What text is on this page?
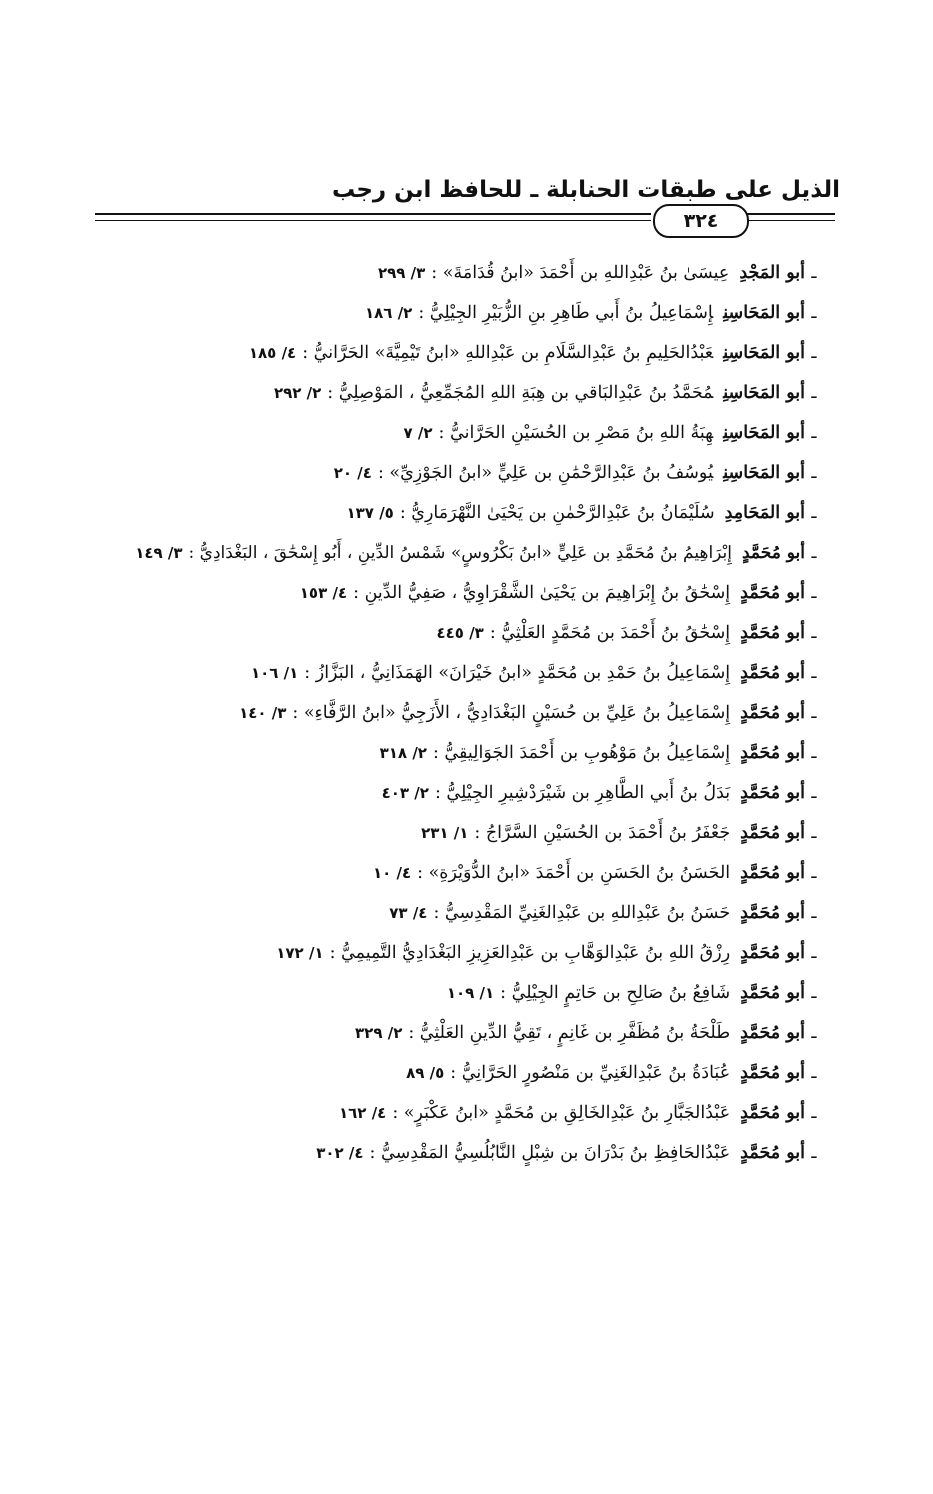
الذيل على طبقات الحنابلة ـ للحافظ ابن رجب
٣٢٤
ـأبو المَجْدِعِيسَىٰ بنُ عَبْدِاللهِ بن أَحْمَدَ «ابنُ قُدَامَةَ» :٣/ ٢٩٩
ـأبو المَحَاسِنِإِسْمَاعِيلُ بنُ أَبي طَاهِرِ بنِ الزُّبَيْرِ الجِيْلِيُّ :٢/ ١٨٦
ـأبو المَحَاسِنِعَبْدُالحَلِيمِ بنُ عَبْدِالسَّلَامِ بن عَبْدِاللهِ «ابنُ تَيْمِيَّةَ» الحَرَّانيُّ :٤/ ١٨٥
ـأبو المَحَاسِنِمُحَمَّدُ بنُ عَبْدِالبَاقي بن هِبَةِ اللهِ المُجَمِّعِيُّ ، المَوْصِلِيُّ :٢/ ٢٩٢
ـأبو المَحَاسِنِهِبَةُ اللهِ بنُ مَصْرِ بن الحُسَيْنِ الحَرَّانيُّ :٢/ ٧
ـأبو المَحَاسِنِيُوسُفُ بنُ عَبْدِالرَّحْمَٰنِ بن عَلِيٍّ «ابنُ الجَوْزِيِّ» :٤/ ٢٠
ـأبو المَحَامِدِسُلَيْمَانُ بنُ عَبْدِالرَّحْمٰنِ بن يَحْيَىٰ النَّهْرَمَارِيُّ :٥/ ١٣٧
ـأبو مُحَمَّدٍإِبْرَاهِيمُ بنُ مُحَمَّدِ بن عَلِيٍّ «ابنُ بَكْرُوسٍ» شَمْسُ الدِّينِ ، أَبُو إِسْحَٰقَ ، البَغْدَادِيُّ :٣/ ١٤٩
ـأبو مُحَمَّدٍإِسْحَٰقُ بنُ إِبْرَاهِيمَ بن يَحْيَىٰ الشَّقْرَاوِيُّ ، صَفِيُّ الدِّينِ :٤/ ١٥٣
ـأبو مُحَمَّدٍإِسْحَٰقُ بنُ أَحْمَدَ بن مُحَمَّدٍ العَلْثِيُّ :٣/ ٤٤٥
ـأبو مُحَمَّدٍإِسْمَاعِيلُ بنُ حَمْدِ بن مُحَمَّدٍ «ابنُ خَيْرَانَ» الهَمَذَانِيُّ ، البَزَّازُ :١/ ١٠٦
ـأبو مُحَمَّدٍإِسْمَاعِيلُ بنُ عَلِيِّ بن حُسَيْنٍ البَغْدَادِيُّ ، الأَزَجِيُّ «ابنُ الرَّفَّاءِ» :٣/ ١٤٠
ـأبو مُحَمَّدٍإِسْمَاعِيلُ بنُ مَوْهُوبِ بن أَحْمَدَ الجَوَالِيقِيُّ :٢/ ٣١٨
ـأبو مُحَمَّدٍبَدَلُ بنُ أَبي الطَّاهِرِ بن شَيْرَدْشِيرِ الجِيْلِيُّ :٢/ ٤٠٣
ـأبو مُحَمَّدٍجَعْفَرُ بنُ أَحْمَدَ بن الحُسَيْنِ السَّرَّاجُ :١/ ٢٣١
ـأبو مُحَمَّدٍالحَسَنُ بنُ الحَسَنِ بن أَحْمَدَ «ابنُ الدُّوَيْرَةِ» :٤/ ١٠
ـأبو مُحَمَّدٍحَسَنُ بنُ عَبْدِاللهِ بن عَبْدِالغَنِيِّ المَقْدِسِيُّ :٤/ ٧٣
ـأبو مُحَمَّدٍرِزْقُ اللهِ بنُ عَبْدِالوَهَّابِ بن عَبْدِالعَزِيزِ البَغْدَادِيُّ التَّمِيمِيُّ :١/ ١٧٢
ـأبو مُحَمَّدٍشَافِعُ بنُ صَالِحِ بن حَاتِمٍ الجِيْلِيُّ :١/ ١٠٩
ـأبو مُحَمَّدٍطَلْحَةُ بنُ مُظَفَّرِ بن غَانِمٍ ، تَقِيُّ الدِّينِ العَلْثِيُّ :٢/ ٣٢٩
ـأبو مُحَمَّدٍعُبَادَةُ بنُ عَبْدِالغَنِيِّ بن مَنْصُورٍ الحَرَّانِيُّ :٥/ ٨٩
ـأبو مُحَمَّدٍعَبْدُالجَبَّارِ بنُ عَبْدِالخَالِقِ بن مُحَمَّدٍ «ابنُ عَكْبَرٍ» :٤/ ١٦٢
ـأبو مُحَمَّدٍعَبْدُالحَافِظِ بنُ بَدْرَانَ بن شِبْلٍ النَّابُلُسِيُّ المَقْدِسِيُّ :٤/ ٣٠٢
